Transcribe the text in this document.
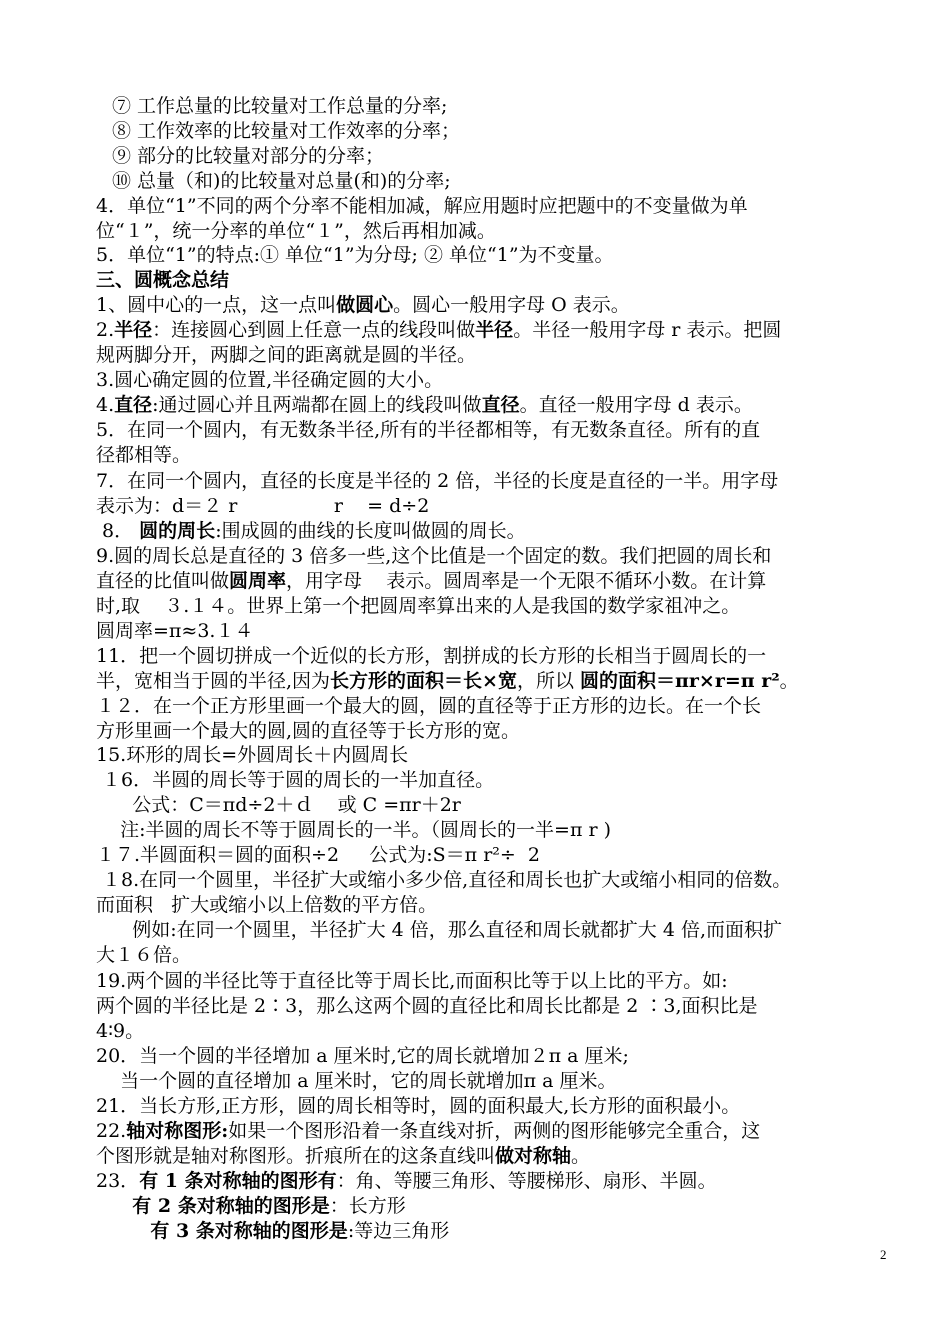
⑦ 工作总量的比较量对工作总量的分率;
⑧ 工作效率的比较量对工作效率的分率；
⑨ 部分的比较量对部分的分率；
⑩ 总量（和)的比较量对总量(和)的分率;
4．单位“1”不同的两个分率不能相加减，解应用题时应把题中的不变量做为单
位“１”，统一分率的单位“１”，然后再相加减。
5．单位“1”的特点:① 单位“1”为分母; ② 单位“1”为不变量。
三、圆概念总结
1、圆中心的一点，这一点叫做圆心。圆心一般用字母 O 表示。
2.半径：连接圆心到圆上任意一点的线段叫做半径。半径一般用字母 r 表示。把圆
规两脚分开，两脚之间的距离就是圆的半径。
3.圆心确定圆的位置,半径确定圆的大小。
4.直径:通过圆心并且两端都在圆上的线段叫做直径。直径一般用字母 d 表示。
5．在同一个圆内，有无数条半径,所有的半径都相等，有无数条直径。所有的直
径都相等。
7．在同一个圆内，直径的长度是半径的 2 倍，半径的长度是直径的一半。用字母
表示为：d＝２ r                r    = d÷2
8． 圆的周长:围成圆的曲线的长度叫做圆的周长。
9.圆的周长总是直径的 3 倍多一些,这个比值是一个固定的数。我们把圆的周长和
直径的比值叫做圆周率，用字母    表示。圆周率是一个无限不循环小数。在计算
时,取    ３.１４。世界上第一个把圆周率算出来的人是我国的数学家祖冲之。
圆周率=π≈3.１４
11．把一个圆切拼成一个近似的长方形，割拼成的长方形的长相当于圆周长的一
半，宽相当于圆的半径,因为长方形的面积＝长×宽，所以 圆的面积＝πr×r=π r²。
１２．在一个正方形里画一个最大的圆，圆的直径等于正方形的边长。在一个长
方形里画一个最大的圆,圆的直径等于长方形的宽。
15.环形的周长=外圆周长＋内圆周长
１6．半圆的周长等于圆的周长的一半加直径。
公式：C＝πd÷2＋ｄ    或 C =πr＋2r
注:半圆的周长不等于圆周长的一半。（圆周长的一半=π r )
１７.半圆面积＝圆的面积÷2     公式为:S＝π r²÷  2
１8.在同一个圆里，半径扩大或缩小多少倍,直径和周长也扩大或缩小相同的倍数。
而面积   扩大或缩小以上倍数的平方倍。
例如:在同一个圆里，半径扩大 4 倍，那么直径和周长就都扩大 4 倍,而面积扩
大１６倍。
19.两个圆的半径比等于直径比等于周长比,而面积比等于以上比的平方。如:
两个圆的半径比是 2∶3，那么这两个圆的直径比和周长比都是 2 ∶3,面积比是
4∶9。
20．当一个圆的半径增加 a 厘米时,它的周长就增加２π a 厘米;
当一个圆的直径增加 a 厘米时，它的周长就增加π a 厘米。
21．当长方形,正方形，圆的周长相等时，圆的面积最大,长方形的面积最小。
22.轴对称图形:如果一个图形沿着一条直线对折，两侧的图形能够完全重合，这
个图形就是轴对称图形。折痕所在的这条直线叫做对称轴。
23．有 1 条对称轴的图形有：角、等腰三角形、等腰梯形、扇形、半圆。
有 2 条对称轴的图形是：长方形
有 3 条对称轴的图形是:等边三角形
2
